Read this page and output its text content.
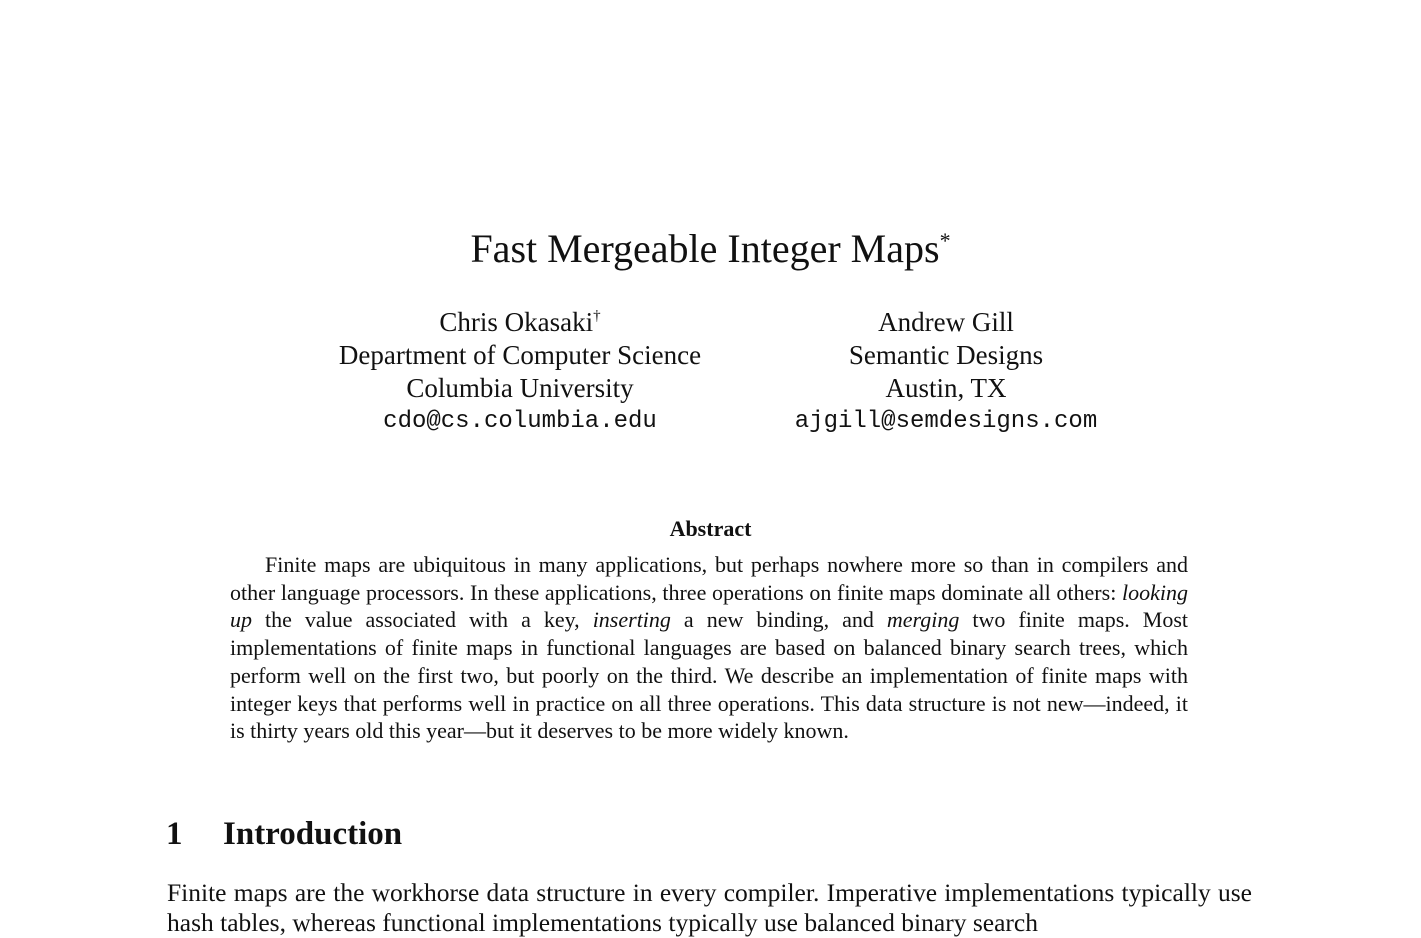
Fast Mergeable Integer Maps*
Chris Okasaki†
Department of Computer Science
Columbia University
cdo@cs.columbia.edu
Andrew Gill
Semantic Designs
Austin, TX
ajgill@semdesigns.com
Abstract

Finite maps are ubiquitous in many applications, but perhaps nowhere more so than in compilers and other language processors. In these applications, three operations on finite maps dominate all others: looking up the value associated with a key, inserting a new binding, and merging two finite maps. Most implementations of finite maps in functional languages are based on balanced binary search trees, which perform well on the first two, but poorly on the third. We describe an implementation of finite maps with integer keys that performs well in practice on all three operations. This data structure is not new—indeed, it is thirty years old this year—but it deserves to be more widely known.

1 Introduction

Finite maps are the workhorse data structure in every compiler. Imperative implementations typically use hash tables, whereas functional implementations typically use balanced binary search
